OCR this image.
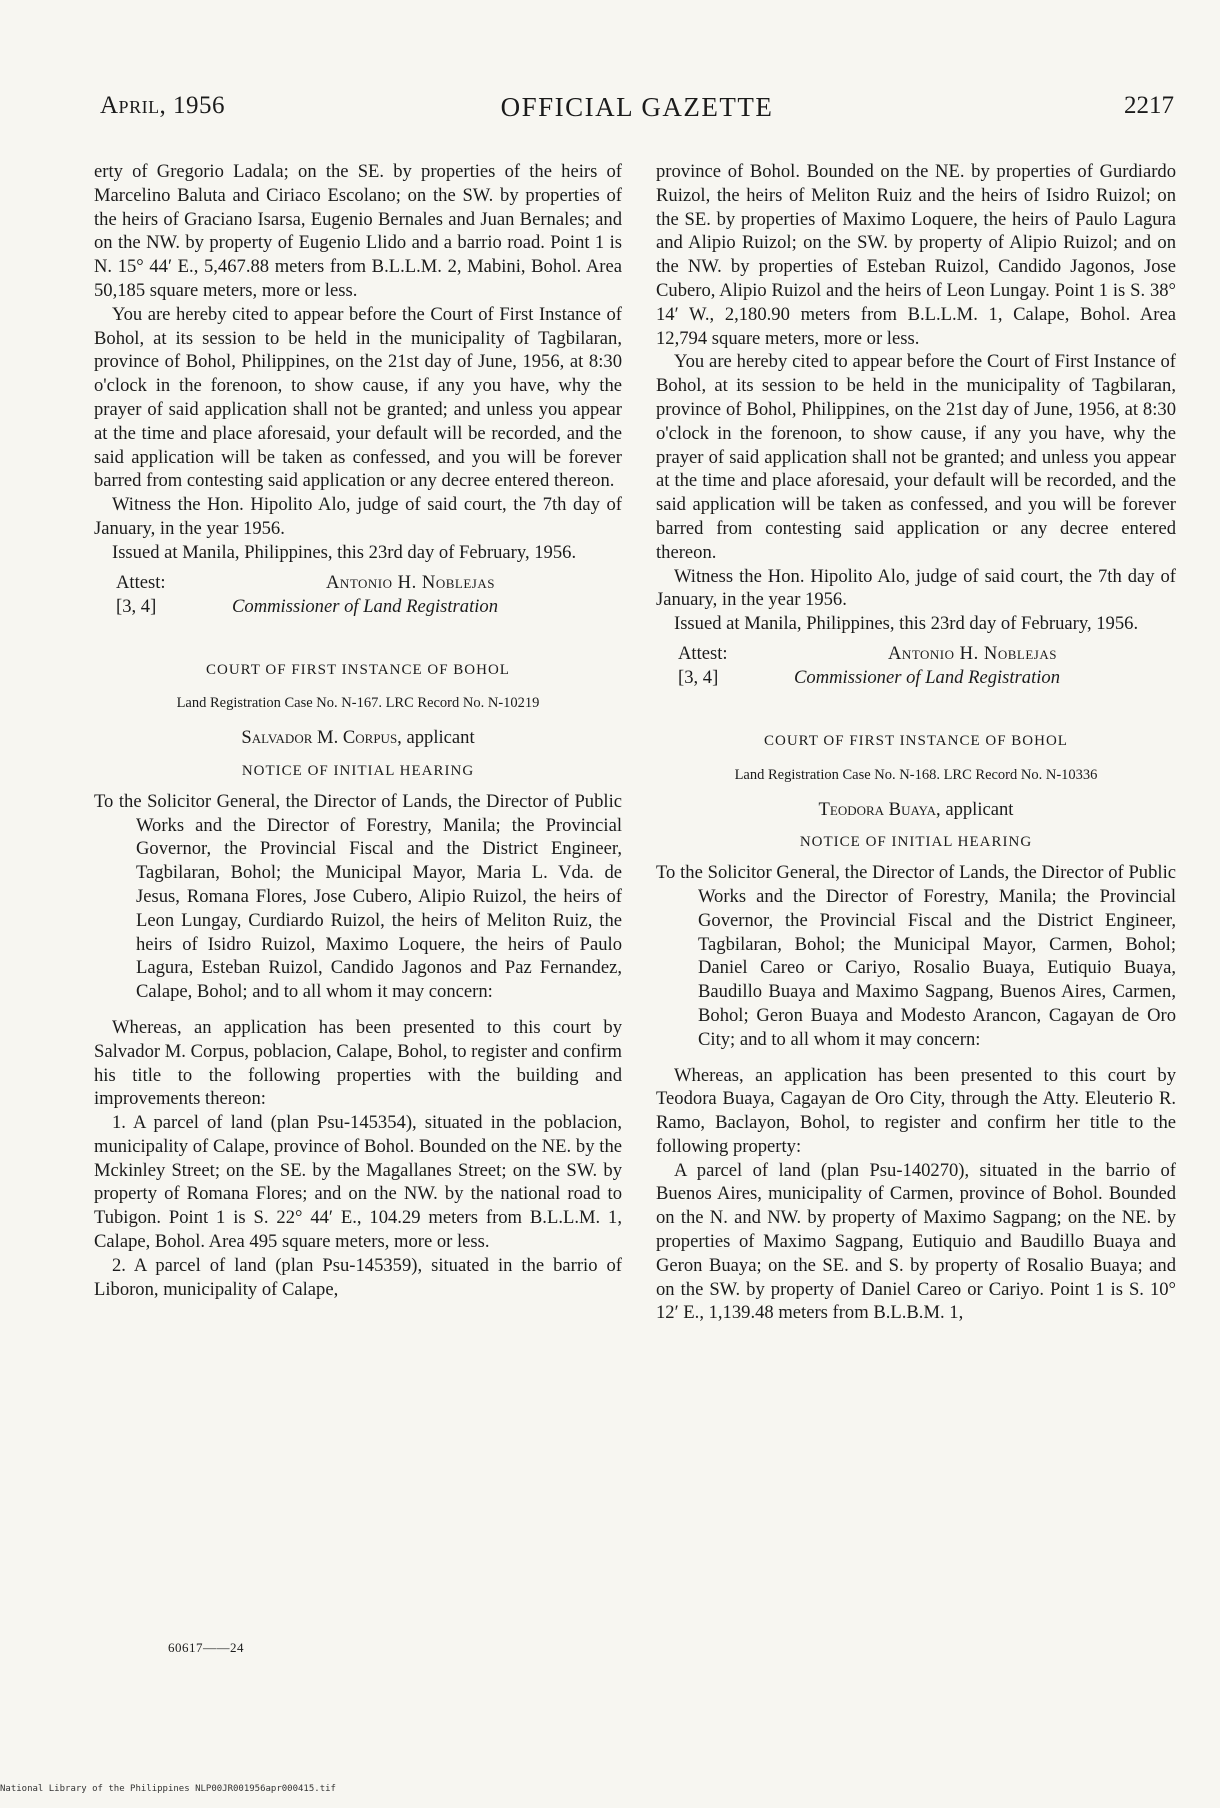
April, 1956	OFFICIAL GAZETTE	2217

erty of Gregorio Ladala; on the SE. by properties of the heirs of Marcelino Baluta and Ciriaco Escolano; on the SW. by properties of the heirs of Graciano Isarsa, Eugenio Bernales and Juan Bernales; and on the NW. by property of Eugenio Llido and a barrio road. Point 1 is N. 15° 44′ E., 5,467.88 meters from B.L.L.M. 2, Mabini, Bohol. Area 50,185 square meters, more or less.

You are hereby cited to appear before the Court of First Instance of Bohol, at its session to be held in the municipality of Tagbilaran, province of Bohol, Philippines, on the 21st day of June, 1956, at 8:30 o'clock in the forenoon, to show cause, if any you have, why the prayer of said application shall not be granted; and unless you appear at the time and place aforesaid, your default will be recorded, and the said application will be taken as confessed, and you will be forever barred from contesting said application or any decree entered thereon.

Witness the Hon. Hipolito Alo, judge of said court, the 7th day of January, in the year 1956.

Issued at Manila, Philippines, this 23rd day of February, 1956.

Attest:
[3, 4]
Antonio H. Noblejas
Commissioner of Land Registration
COURT OF FIRST INSTANCE OF BOHOL
Land Registration Case No. N-167. LRC Record No. N-10219
Salvador M. Corpus, applicant
NOTICE OF INITIAL HEARING

To the Solicitor General, the Director of Lands, the Director of Public Works and the Director of Forestry, Manila; the Provincial Governor, the Provincial Fiscal and the District Engineer, Tagbilaran, Bohol; the Municipal Mayor, Maria L. Vda. de Jesus, Romana Flores, Jose Cubero, Alipio Ruizol, the heirs of Leon Lungay, Curdiardo Ruizol, the heirs of Meliton Ruiz, the heirs of Isidro Ruizol, Maximo Loquere, the heirs of Paulo Lagura, Esteban Ruizol, Candido Jagonos and Paz Fernandez, Calape, Bohol; and to all whom it may concern:

Whereas, an application has been presented to this court by Salvador M. Corpus, poblacion, Calape, Bohol, to register and confirm his title to the following properties with the building and improvements thereon:

1. A parcel of land (plan Psu-145354), situated in the poblacion, municipality of Calape, province of Bohol. Bounded on the NE. by the Mckinley Street; on the SE. by the Magallanes Street; on the SW. by property of Romana Flores; and on the NW. by the national road to Tubigon. Point 1 is S. 22° 44′ E., 104.29 meters from B.L.L.M. 1, Calape, Bohol. Area 495 square meters, more or less.

2. A parcel of land (plan Psu-145359), situated in the barrio of Liboron, municipality of Calape,

60617——24

province of Bohol. Bounded on the NE. by properties of Gurdiardo Ruizol, the heirs of Meliton Ruiz and the heirs of Isidro Ruizol; on the SE. by properties of Maximo Loquere, the heirs of Paulo Lagura and Alipio Ruizol; on the SW. by property of Alipio Ruizol; and on the NW. by properties of Esteban Ruizol, Candido Jagonos, Jose Cubero, Alipio Ruizol and the heirs of Leon Lungay. Point 1 is S. 38° 14′ W., 2,180.90 meters from B.L.L.M. 1, Calape, Bohol. Area 12,794 square meters, more or less.

You are hereby cited to appear before the Court of First Instance of Bohol, at its session to be held in the municipality of Tagbilaran, province of Bohol, Philippines, on the 21st day of June, 1956, at 8:30 o'clock in the forenoon, to show cause, if any you have, why the prayer of said application shall not be granted; and unless you appear at the time and place aforesaid, your default will be recorded, and the said application will be taken as confessed, and you will be forever barred from contesting said application or any decree entered thereon.

Witness the Hon. Hipolito Alo, judge of said court, the 7th day of January, in the year 1956.

Issued at Manila, Philippines, this 23rd day of February, 1956.

Attest:
[3, 4]
Antonio H. Noblejas
Commissioner of Land Registration
COURT OF FIRST INSTANCE OF BOHOL
Land Registration Case No. N-168. LRC Record No. N-10336
Teodora Buaya, applicant
NOTICE OF INITIAL HEARING

To the Solicitor General, the Director of Lands, the Director of Public Works and the Director of Forestry, Manila; the Provincial Governor, the Provincial Fiscal and the District Engineer, Tagbilaran, Bohol; the Municipal Mayor, Carmen, Bohol; Daniel Careo or Cariyo, Rosalio Buaya, Eutiquio Buaya, Baudillo Buaya and Maximo Sagpang, Buenos Aires, Carmen, Bohol; Geron Buaya and Modesto Arancon, Cagayan de Oro City; and to all whom it may concern:

Whereas, an application has been presented to this court by Teodora Buaya, Cagayan de Oro City, through the Atty. Eleuterio R. Ramo, Baclayon, Bohol, to register and confirm her title to the following property:

A parcel of land (plan Psu-140270), situated in the barrio of Buenos Aires, municipality of Carmen, province of Bohol. Bounded on the N. and NW. by property of Maximo Sagpang; on the NE. by properties of Maximo Sagpang, Eutiquio and Baudillo Buaya and Geron Buaya; on the SE. and S. by property of Rosalio Buaya; and on the SW. by property of Daniel Careo or Cariyo. Point 1 is S. 10° 12′ E., 1,139.48 meters from B.L.B.M. 1,

National Library of the Philippines NLP00JR001956apr000415.tif
